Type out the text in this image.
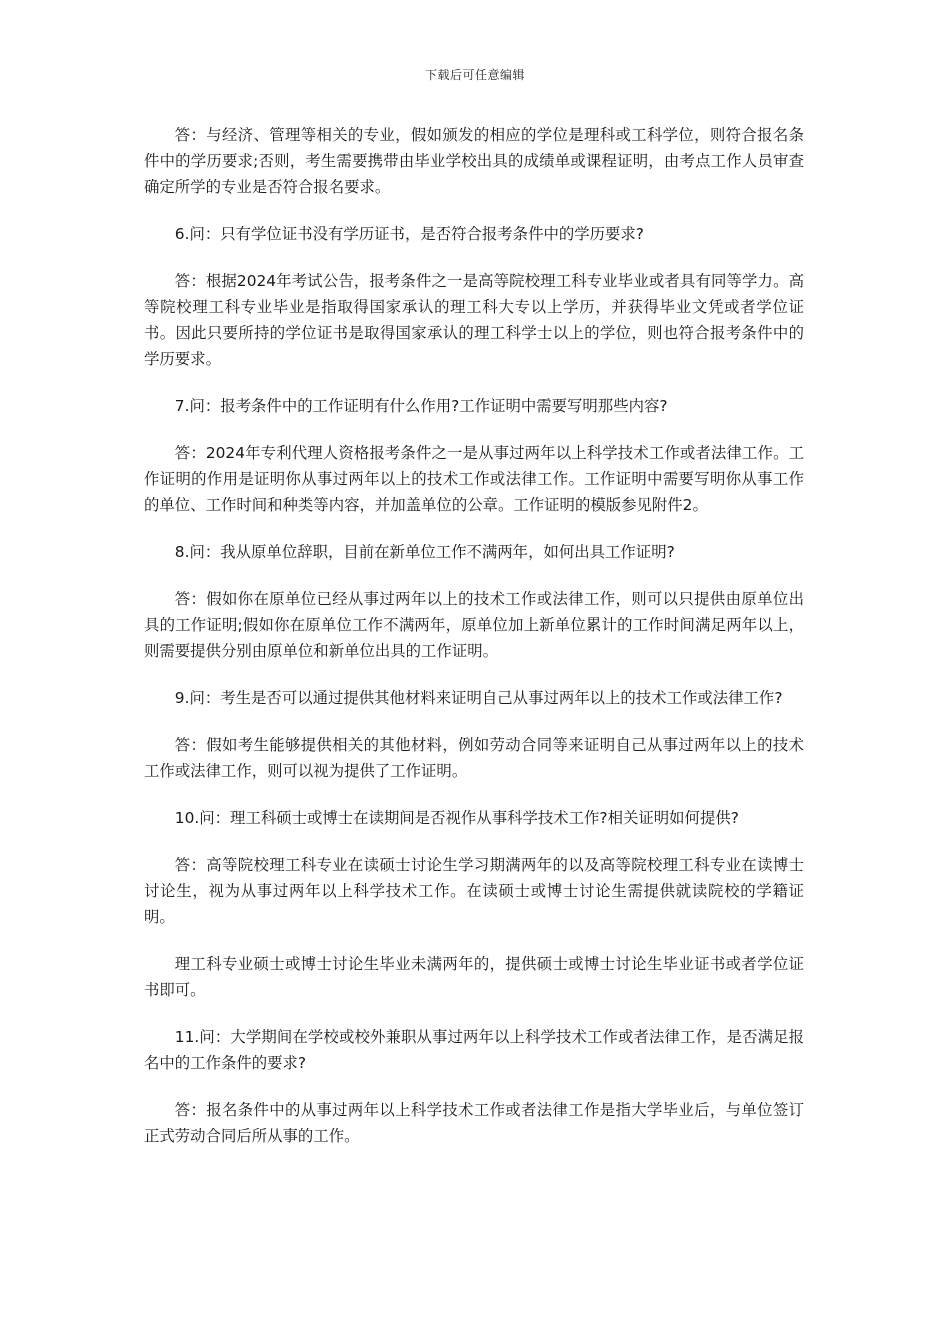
下载后可任意编辑

答：与经济、管理等相关的专业，假如颁发的相应的学位是理科或工科学位，则符合报名条件中的学历要求;否则，考生需要携带由毕业学校出具的成绩单或课程证明，由考点工作人员审查确定所学的专业是否符合报名要求。

6.问：只有学位证书没有学历证书，是否符合报考条件中的学历要求?

答：根据2024年考试公告，报考条件之一是高等院校理工科专业毕业或者具有同等学力。高等院校理工科专业毕业是指取得国家承认的理工科大专以上学历，并获得毕业文凭或者学位证书。因此只要所持的学位证书是取得国家承认的理工科学士以上的学位，则也符合报考条件中的学历要求。

7.问：报考条件中的工作证明有什么作用?工作证明中需要写明那些内容?

答：2024年专利代理人资格报考条件之一是从事过两年以上科学技术工作或者法律工作。工作证明的作用是证明你从事过两年以上的技术工作或法律工作。工作证明中需要写明你从事工作的单位、工作时间和种类等内容，并加盖单位的公章。工作证明的模版参见附件2。

8.问：我从原单位辞职，目前在新单位工作不满两年，如何出具工作证明?

答：假如你在原单位已经从事过两年以上的技术工作或法律工作，则可以只提供由原单位出具的工作证明;假如你在原单位工作不满两年，原单位加上新单位累计的工作时间满足两年以上，则需要提供分别由原单位和新单位出具的工作证明。

9.问：考生是否可以通过提供其他材料来证明自己从事过两年以上的技术工作或法律工作?

答：假如考生能够提供相关的其他材料，例如劳动合同等来证明自己从事过两年以上的技术工作或法律工作，则可以视为提供了工作证明。

10.问：理工科硕士或博士在读期间是否视作从事科学技术工作?相关证明如何提供?

答：高等院校理工科专业在读硕士讨论生学习期满两年的以及高等院校理工科专业在读博士讨论生，视为从事过两年以上科学技术工作。在读硕士或博士讨论生需提供就读院校的学籍证明。

理工科专业硕士或博士讨论生毕业未满两年的，提供硕士或博士讨论生毕业证书或者学位证书即可。

11.问：大学期间在学校或校外兼职从事过两年以上科学技术工作或者法律工作，是否满足报名中的工作条件的要求?

答：报名条件中的从事过两年以上科学技术工作或者法律工作是指大学毕业后，与单位签订正式劳动合同后所从事的工作。
